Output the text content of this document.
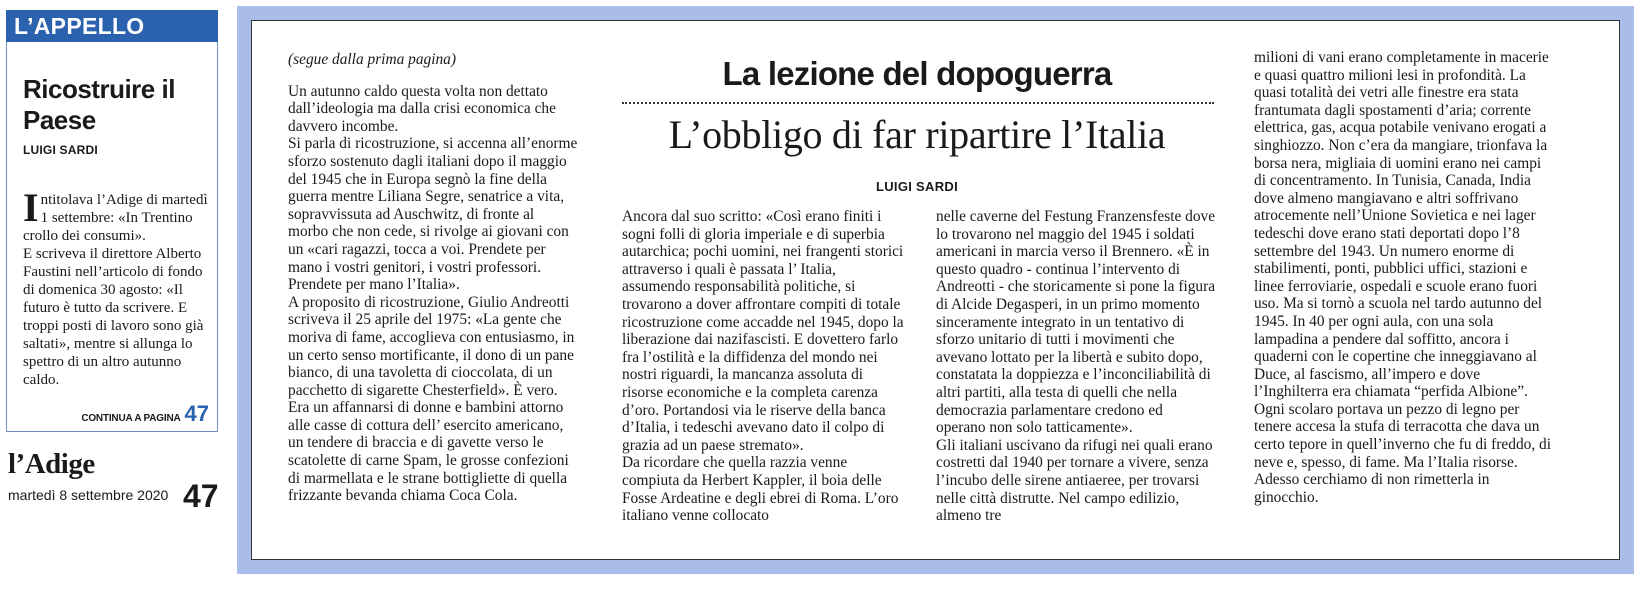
L’APPELLO
Ricostruire il Paese
LUIGI SARDI

Intitolava l’Adige di martedì 1 settembre: «In Trentino crollo dei consumi».

E scriveva il direttore Alberto Faustini nell’articolo di fondo di domenica 30 agosto: «Il futuro è tutto da scrivere. E troppi posti di lavoro sono già saltati», mentre si allunga lo spettro di un altro autunno caldo.

CONTINUA A PAGINA 47
l’Adige
martedì 8 settembre 2020 47

(segue dalla prima pagina)

Un autunno caldo questa volta non dettato dall’ideologia ma dalla crisi economica che davvero incombe.

Si parla di ricostruzione, si accenna all’enorme sforzo sostenuto dagli italiani dopo il maggio del 1945 che in Europa segnò la fine della guerra mentre Liliana Segre, senatrice a vita, sopravvissuta ad Auschwitz, di fronte al morbo che non cede, si rivolge ai giovani con un «cari ragazzi, tocca a voi. Prendete per mano i vostri genitori, i vostri professori. Prendete per mano l’Italia».

A proposito di ricostruzione, Giulio Andreotti scriveva il 25 aprile del 1975: «La gente che moriva di fame, accoglieva con entusiasmo, in un certo senso mortificante, il dono di un pane bianco, di una tavoletta di cioccolata, di un pacchetto di sigarette Chesterfield». È vero. Era un affannarsi di donne e bambini attorno alle casse di cottura dell’ esercito americano, un tendere di braccia e di gavette verso le scatolette di carne Spam, le grosse confezioni di marmellata e le strane bottigliette di quella frizzante bevanda chiama Coca Cola.

La lezione del dopoguerra
L’obbligo di far ripartire l’Italia
LUIGI SARDI

Ancora dal suo scritto: «Così erano finiti i sogni folli di gloria imperiale e di superbia autarchica; pochi uomini, nei frangenti storici attraverso i quali è passata l’ Italia, assumendo responsabilità politiche, si trovarono a dover affrontare compiti di totale ricostruzione come accadde nel 1945, dopo la liberazione dai nazifascisti. E dovettero farlo fra l’ostilità e la diffidenza del mondo nei nostri riguardi, la mancanza assoluta di risorse economiche e la completa carenza d’oro. Portandosi via le riserve della banca d’Italia, i tedeschi avevano dato il colpo di grazia ad un paese stremato».

Da ricordare che quella razzia venne compiuta da Herbert Kappler, il boia delle Fosse Ardeatine e degli ebrei di Roma. L’oro italiano venne collocato

nelle caverne del Festung Franzensfeste dove lo trovarono nel maggio del 1945 i soldati americani in marcia verso il Brennero. «È in questo quadro - continua l’intervento di Andreotti - che storicamente si pone la figura di Alcide Degasperi, in un primo momento sinceramente integrato in un tentativo di sforzo unitario di tutti i movimenti che avevano lottato per la libertà e subito dopo, constatata la doppiezza e l’inconciliabilità di altri partiti, alla testa di quelli che nella democrazia parlamentare credono ed operano non solo tatticamente».

Gli italiani uscivano da rifugi nei quali erano costretti dal 1940 per tornare a vivere, senza l’incubo delle sirene antiaeree, per trovarsi nelle città distrutte. Nel campo edilizio, almeno tre

milioni di vani erano completamente in macerie e quasi quattro milioni lesi in profondità. La quasi totalità dei vetri alle finestre era stata frantumata dagli spostamenti d’aria; corrente elettrica, gas, acqua potabile venivano erogati a singhiozzo. Non c’era da mangiare, trionfava la borsa nera, migliaia di uomini erano nei campi di concentramento. In Tunisia, Canada, India dove almeno mangiavano e altri soffrivano atrocemente nell’Unione Sovietica e nei lager tedeschi dove erano stati deportati dopo l’8 settembre del 1943. Un numero enorme di stabilimenti, ponti, pubblici uffici, stazioni e linee ferroviarie, ospedali e scuole erano fuori uso. Ma si tornò a scuola nel tardo autunno del 1945. In 40 per ogni aula, con una sola lampadina a pendere dal soffitto, ancora i quaderni con le copertine che inneggiavano al Duce, al fascismo, all’impero e dove l’Inghilterra era chiamata “perfida Albione”. Ogni scolaro portava un pezzo di legno per tenere accesa la stufa di terracotta che dava un certo tepore in quell’inverno che fu di freddo, di neve e, spesso, di fame. Ma l’Italia risorse. Adesso cerchiamo di non rimetterla in ginocchio.
